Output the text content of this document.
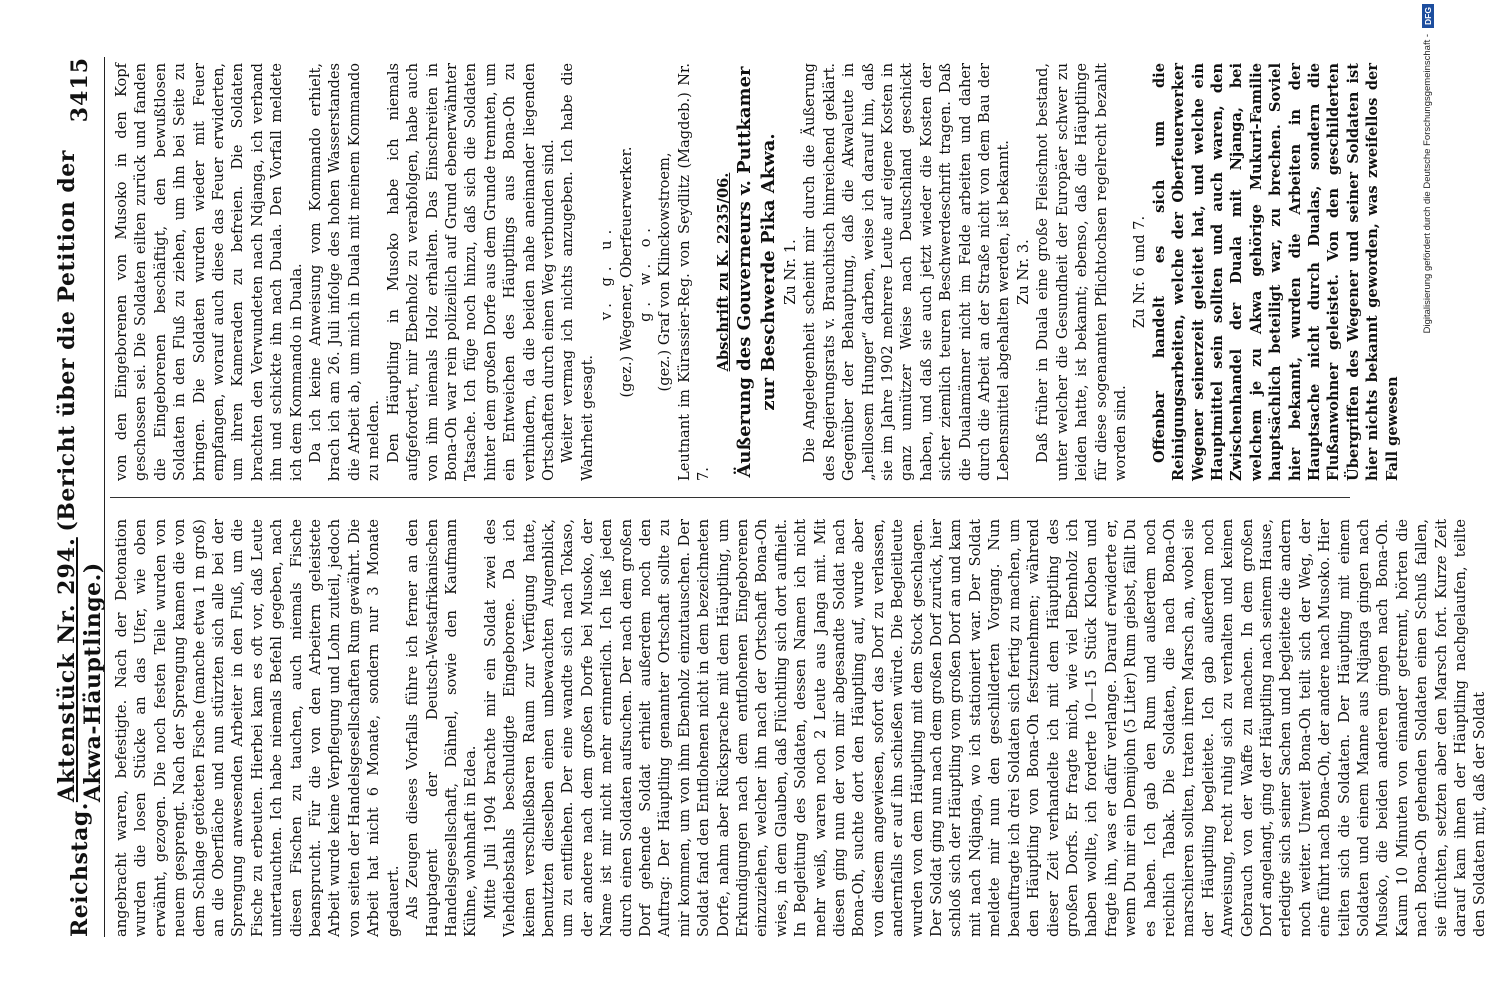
Reichstag.
Aktenstück Nr. 294. (Bericht über die Petition der Akwa-Häuptlinge.)
3415

angebracht waren, befestigte. Nach der Detonation wurden die losen Stücke an das Ufer, wie oben erwähnt, gezogen. Die noch festen Teile wurden von neuem gesprengt. Nach der Sprengung kamen die von dem Schlage getöteten Fische (manche etwa 1 m groß) an die Oberfläche und nun stürzten sich alle bei der Sprengung anwesenden Arbeiter in den Fluß, um die Fische zu erbeuten. Hierbei kam es oft vor, daß Leute untertauchten. Ich habe niemals Befehl gegeben, nach diesen Fischen zu tauchen, auch niemals Fische beansprucht. Für die von den Arbeitern geleistete Arbeit wurde keine Verpflegung und Lohn zuteil, jedoch von seiten der Handelsgesellschaften Rum gewährt. Die Arbeit hat nicht 6 Monate, sondern nur 3 Monate gedauert. Als Zeugen dieses Vorfalls führe ich ferner an den Hauptagent der Deutsch-Westafrikanischen Handelsgesellschaft, Dähnel, sowie den Kaufmann Kühne, wohnhaft in Edea. Mitte Juli 1904 brachte mir ein Soldat zwei des Viehdiebstahls beschuldigte Eingeborene. Da ich keinen verschließbaren Raum zur Verfügung hatte, benutzten dieselben einen unbewachten Augenblick, um zu entfliehen. Der eine wandte sich nach Tokaso, der andere nach dem großen Dorfe bei Musoko, der Name ist mir nicht mehr erinnerlich. Ich ließ jeden durch einen Soldaten aufsuchen. Der nach dem großen Dorf gehende Soldat erhielt außerdem noch den Auftrag: Der Häuptling genannter Ortschaft sollte zu mir kommen, um von ihm Ebenholz einzutauschen. Der Soldat fand den Entflohenen nicht in dem bezeichneten Dorfe, nahm aber Rücksprache mit dem Häuptling, um Erkundigungen nach dem entflohenen Eingeborenen einzuziehen, welcher ihn nach der Ortschaft Bona-Oh wies, in dem Glauben, daß Flüchtling sich dort aufhielt. In Begleitung des Soldaten, dessen Namen ich nicht mehr weiß, waren noch 2 Leute aus Janga mit. Mit diesen ging nun der von mir abgesandte Soldat nach Bona-Oh, suchte dort den Häuptling auf, wurde aber von diesem angewiesen, sofort das Dorf zu verlassen, andernfalls er auf ihn schießen würde. Die Begleitleute wurden von dem Häuptling mit dem Stock geschlagen. Der Soldat ging nun nach dem großen Dorf zurück, hier schloß sich der Häuptling vom großen Dorf an und kam mit nach Ndjanga, wo ich stationiert war. Der Soldat meldete mir nun den geschilderten Vorgang. Nun beauftragte ich drei Soldaten sich fertig zu machen, um den Häuptling von Bona-Oh festzunehmen; während dieser Zeit verhandelte ich mit dem Häuptling des großen Dorfs. Er fragte mich, wie viel Ebenholz ich haben wollte, ich forderte 10—15 Stück Kloben und fragte ihn, was er dafür verlange. Darauf erwiderte er, wenn Du mir ein Demijohn (5 Liter) Rum giebst, fällt Du es haben. Ich gab den Rum und außerdem noch reichlich Tabak. Die Soldaten, die nach Bona-Oh marschieren sollten, traten ihren Marsch an, wobei sie der Häuptling begleitete. Ich gab außerdem noch Anweisung, recht ruhig sich zu verhalten und keinen Gebrauch von der Waffe zu machen. In dem großen Dorf angelangt, ging der Häuptling nach seinem Hause, erledigte sich seiner Sachen und begleitete die andern noch weiter. Unweit Bona-Oh teilt sich der Weg, der eine führt nach Bona-Oh, der andere nach Musoko. Hier teilten sich die Soldaten. Der Häuptling mit einem Soldaten und einem Manne aus Ndjanga gingen nach Musoko, die beiden anderen gingen nach Bona-Oh. Kaum 10 Minuten von einander getrennt, hörten die nach Bona-Oh gehenden Soldaten einen Schuß fallen, sie flüchten, setzten aber den Marsch fort. Kurze Zeit darauf kam ihnen der Häuptling nachgelaufen, teilte den Soldaten mit, daß der Soldat

von den Eingeborenen von Musoko in den Kopf geschossen sei. Die Soldaten eilten zurück und fanden die Eingeborenen beschäftigt, den bewußtlosen Soldaten in den Fluß zu ziehen, um ihn bei Seite zu bringen. Die Soldaten wurden wieder mit Feuer empfangen, worauf auch diese das Feuer erwiderten, um ihren Kameraden zu befreien. Die Soldaten brachten den Verwundeten nach Ndjanga, ich verband ihn und schickte ihn nach Duala. Den Vorfall meldete ich dem Kommando in Duala. Da ich keine Anweisung vom Kommando erhielt, brach ich am 26. Juli infolge des hohen Wasserstandes die Arbeit ab, um mich in Duala mit meinem Kommando zu melden. Den Häuptling in Musoko habe ich niemals aufgefordert, mir Ebenholz zu verabfolgen, habe auch von ihm niemals Holz erhalten. Das Einschreiten in Bona-Oh war rein polizeilich auf Grund ebenerwähnter Tatsache. Ich füge noch hinzu, daß sich die Soldaten hinter dem großen Dorfe aus dem Grunde trennten, um ein Entweichen des Häuptlings aus Bona-Oh zu verhindern, da die beiden nahe aneinander liegenden Ortschaften durch einen Weg verbunden sind. Weiter vermag ich nichts anzugeben. Ich habe die Wahrheit gesagt.

v. g. u. (gez.) Wegener, Oberfeuerwerker. g. w. o. (gez.) Graf von Klinckowstroem, Leutnant im Kürassier-Reg. von Seydlitz (Magdeb.) Nr. 7.

Abschrift zu K. 2235/06. Äußerung des Gouverneurs v. Puttkamer zur Beschwerde Pika Akwa. Zu Nr. 1. Die Angelegenheit scheint mir durch die Äußerung des Regierungsrats v. Brauchitsch hinreichend geklärt. Gegenüber der Behauptung, daß die Akwaleute in „heillosem Hunger“ darben, weise ich darauf hin, daß sie im Jahre 1902 mehrere Leute auf eigene Kosten in ganz unnützer Weise nach Deutschland geschickt haben, und daß sie auch jetzt wieder die Kosten der sicher ziemlich teuren Beschwerdeschrift tragen. Daß die Dualamänner nicht im Felde arbeiten und daher durch die Arbeit an der Straße nicht von dem Bau der Lebensmittel abgehalten werden, ist bekannt. Zu Nr. 3. Daß früher in Duala eine große Fleischnot bestand, unter welcher die Gesundheit der Europäer schwer zu leiden hatte, ist bekannt; ebenso, daß die Häuptlinge für diese sogenannten Pflichtochsen regelrecht bezahlt worden sind.

Zu Nr. 6 und 7. Offenbar handelt es sich um die Reinigungsarbeiten, welche der Oberfeuerwerker Wegener seinerzeit geleitet hat, und welche ein Hauptmittel sein sollten und auch waren, den Zwischenhandel der Duala mit Njanga, bei welchem je zu Akwa gehörige Mukuri-Familie hauptsächlich beteiligt war, zu brechen. Soviel hier bekannt, wurden die Arbeiten in der Hauptsache nicht durch Dualas, sondern die Flußanwohner geleistet. Von den geschilderten Übergriffen des Wegener und seiner Soldaten ist hier nichts bekannt geworden, was zweifellos der Fall gewesen

Digitalisierung gefördert durch die Deutsche Forschungsgemeinschaft -
DFG
